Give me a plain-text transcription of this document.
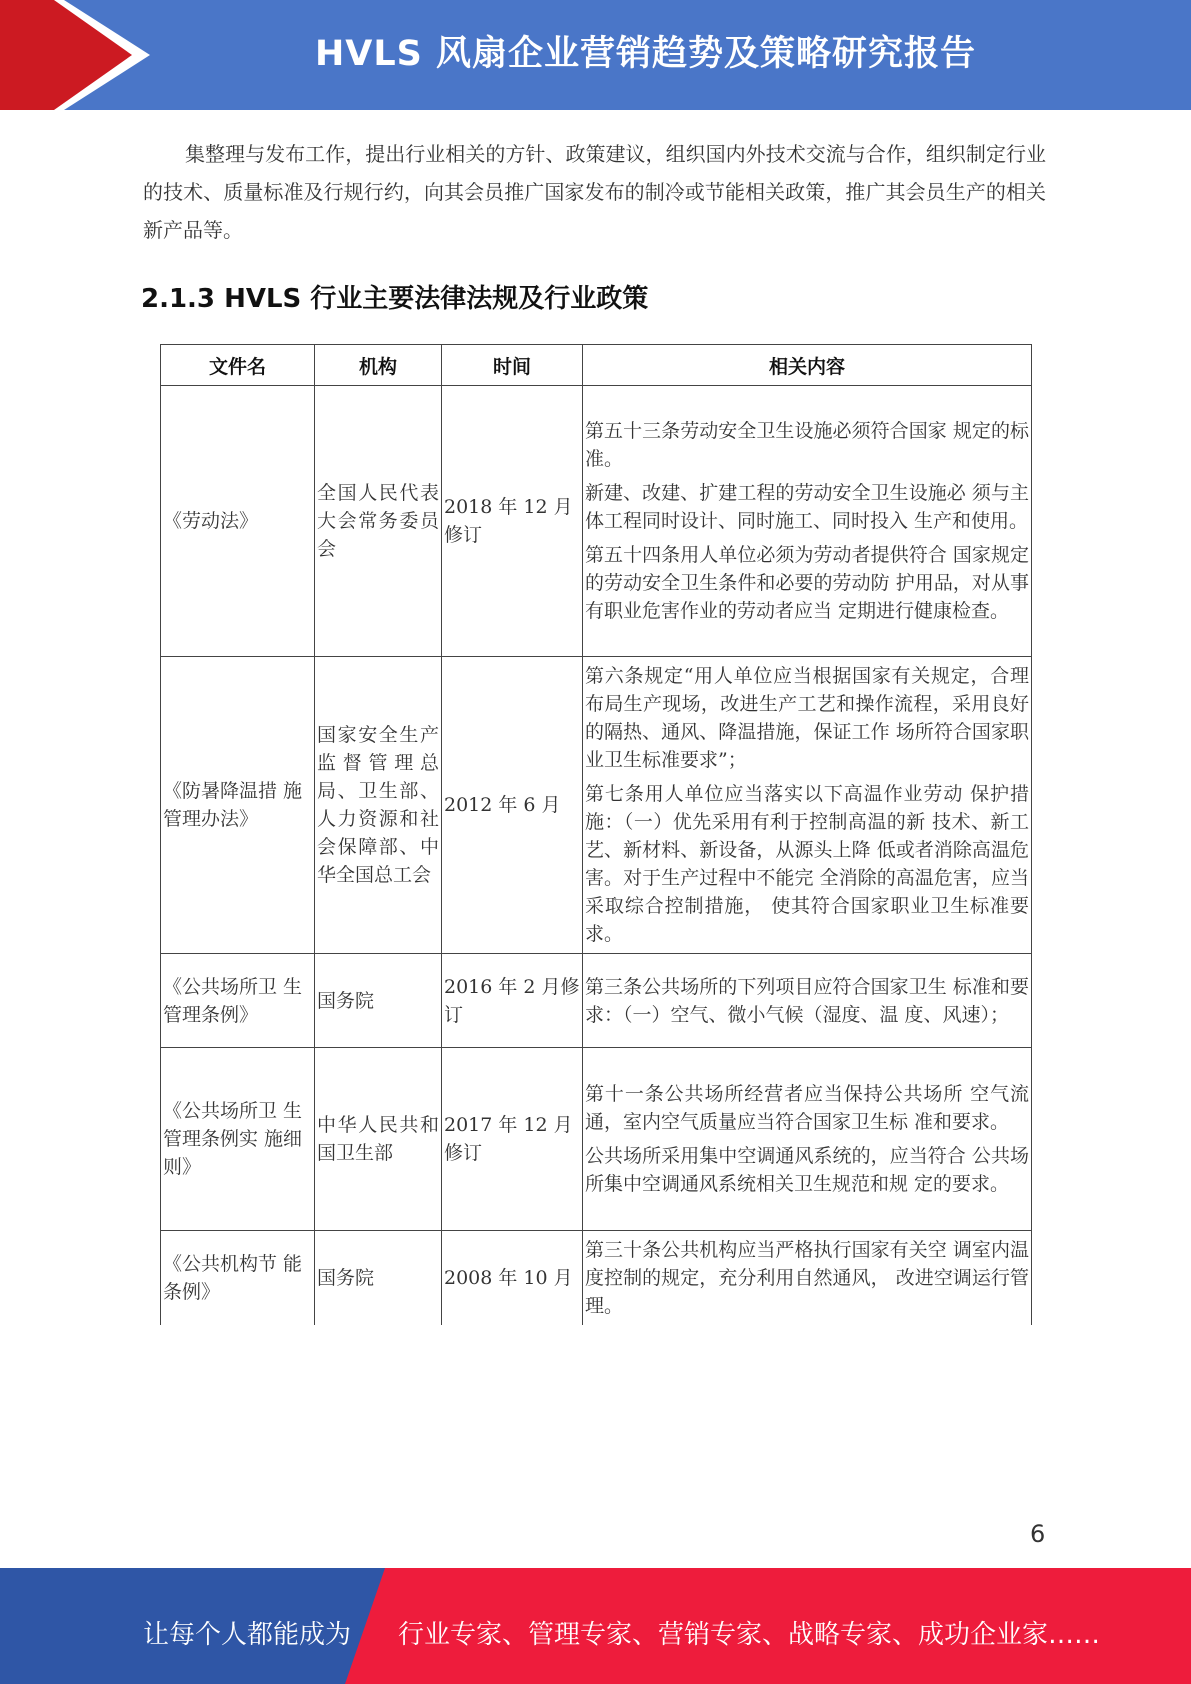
HVLS 风扇企业营销趋势及策略研究报告
集整理与发布工作，提出行业相关的方针、政策建议，组织国内外技术交流与合作，组织制定行业的技术、质量标准及行规行约，向其会员推广国家发布的制冷或节能相关政策，推广其会员生产的相关新产品等。
2.1.3 HVLS 行业主要法律法规及行业政策
文件名	机构	时间	相关内容
《劳动法》	全国人民代表大会常务委员会	2018 年 12 月修订	第五十三条劳动安全卫生设施必须符合国家 规定的标准。

新建、改建、扩建工程的劳动安全卫生设施必 须与主体工程同时设计、同时施工、同时投入 生产和使用。

第五十四条用人单位必须为劳动者提供符合 国家规定的劳动安全卫生条件和必要的劳动防 护用品，对从事有职业危害作业的劳动者应当 定期进行健康检查。

《防暑降温措 施管理办法》	国家安全生产监督管理总局、卫生部、人力资源和社会保障部、中华全国总工会	2012 年 6 月	第六条规定“用人单位应当根据国家有关规定，合理布局生产现场，改进生产工艺和操作流程，采用良好的隔热、通风、降温措施，保证工作 场所符合国家职业卫生标准要求”；

第七条用人单位应当落实以下高温作业劳动 保护措施：（一）优先采用有利于控制高温的新 技术、新工艺、新材料、新设备，从源头上降 低或者消除高温危害。对于生产过程中不能完 全消除的高温危害，应当采取综合控制措施， 使其符合国家职业卫生标准要求。

《公共场所卫 生管理条例》	国务院	2016 年 2 月修订	第三条公共场所的下列项目应符合国家卫生 标准和要求：（一）空气、微小气候（湿度、温 度、风速）；

《公共场所卫 生管理条例实 施细则》	中华人民共和国卫生部	2017 年 12 月修订	第十一条公共场所经营者应当保持公共场所 空气流通，室内空气质量应当符合国家卫生标 准和要求。

公共场所采用集中空调通风系统的，应当符合 公共场所集中空调通风系统相关卫生规范和规 定的要求。

《公共机构节 能条例》	国务院	2008 年 10 月	第三十条公共机构应当严格执行国家有关空 调室内温度控制的规定，充分利用自然通风， 改进空调运行管理。

6
让每个人都能成为 行业专家、管理专家、营销专家、战略专家、成功企业家……
